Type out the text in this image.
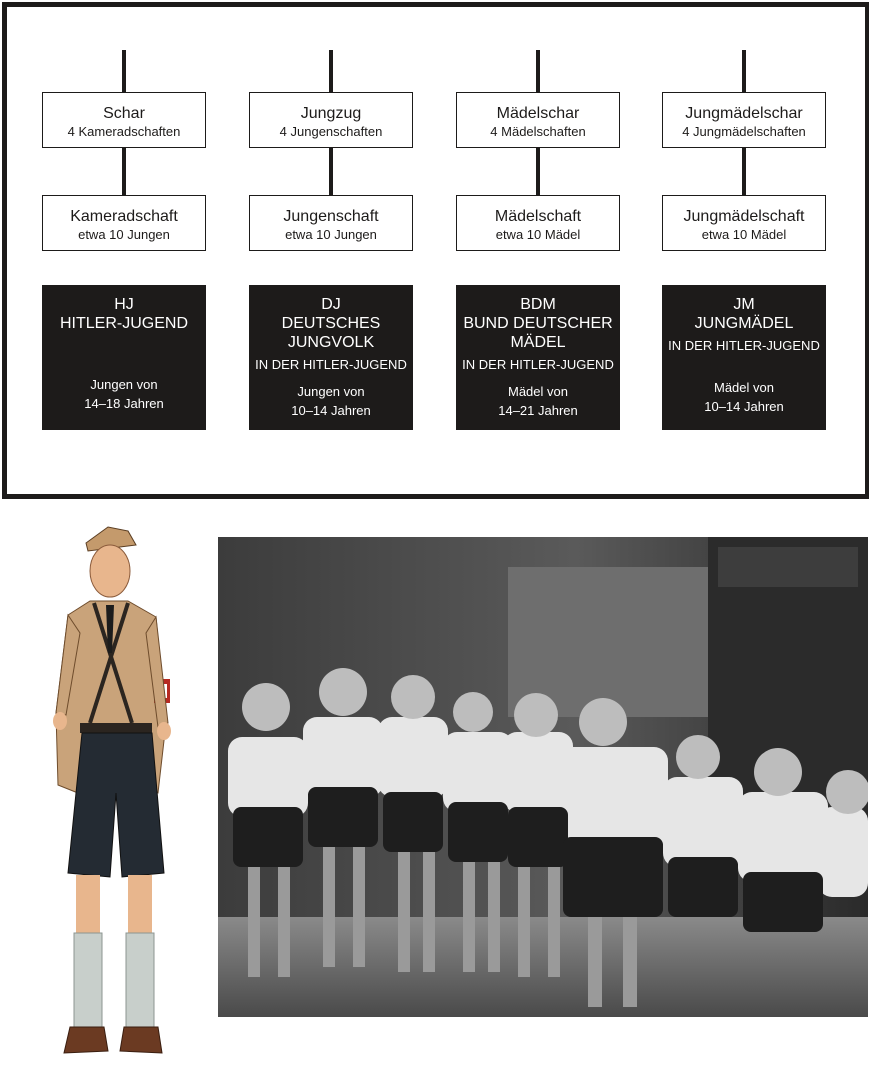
Schar
4 Kameradschaften
Kameradschaft
etwa 10 Jungen
HJ
HITLER-JUGEND
Jungen von
14–18 Jahren
Jungzug
4 Jungenschaften
Jungenschaft
etwa 10 Jungen
DJ
DEUTSCHES
JUNGVOLK
IN DER HITLER-JUGEND
Jungen von
10–14 Jahren
Mädelschar
4 Mädelschaften
Mädelschaft
etwa 10 Mädel
BDM
BUND DEUTSCHER
MÄDEL
IN DER HITLER-JUGEND
Mädel von
14–21 Jahren
Jungmädelschar
4 Jungmädelschaften
Jungmädelschaft
etwa 10 Mädel
JM
JUNGMÄDEL
IN DER HITLER-JUGEND
Mädel von
10–14 Jahren
